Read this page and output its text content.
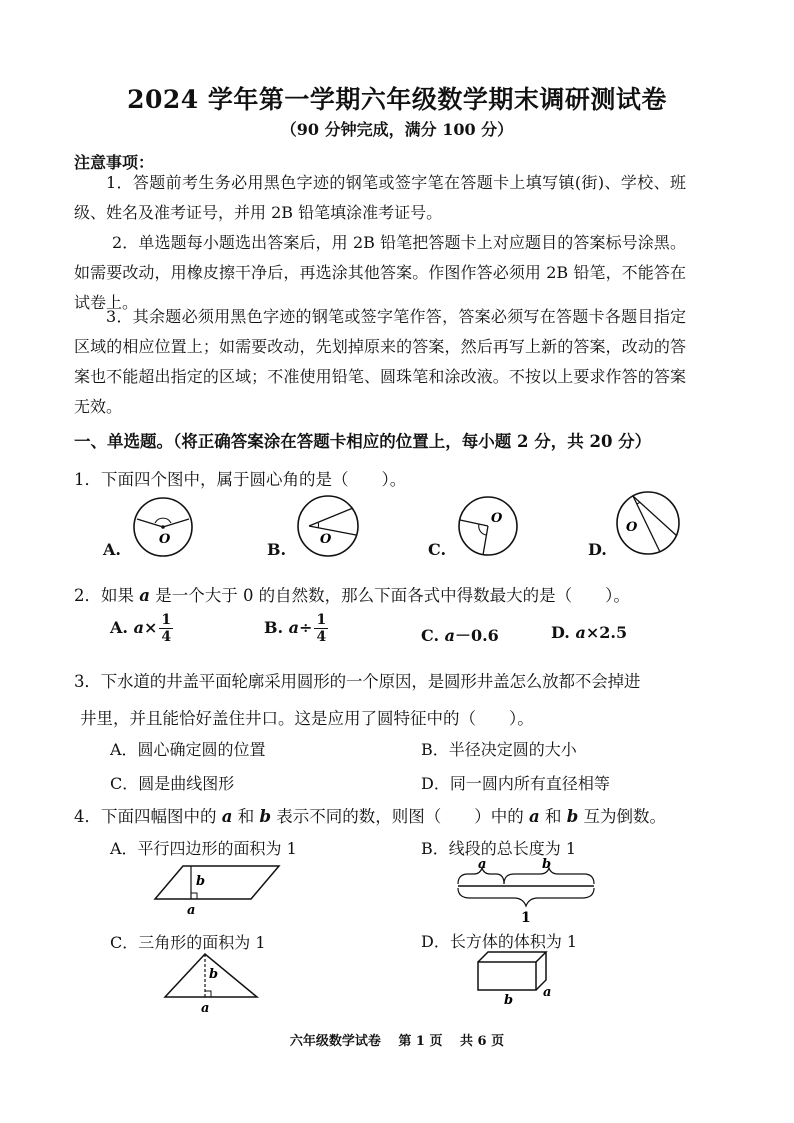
2024 学年第一学期六年级数学期末调研测试卷
（90 分钟完成，满分 100 分）
注意事项：
1．答题前考生务必用黑色字迹的钢笔或签字笔在答题卡上填写镇(街)、学校、班级、姓名及准考证号，并用 2B 铅笔填涂准考证号。
2．单选题每小题选出答案后，用 2B 铅笔把答题卡上对应题目的答案标号涂黑。如需要改动，用橡皮擦干净后，再选涂其他答案。作图作答必须用 2B 铅笔，不能答在试卷上。
3．其余题必须用黑色字迹的钢笔或签字笔作答，答案必须写在答题卡各题目指定区域的相应位置上；如需要改动，先划掉原来的答案，然后再写上新的答案，改动的答案也不能超出指定的区域；不准使用铅笔、圆珠笔和涂改液。不按以上要求作答的答案无效。
一、单选题。（将正确答案涂在答题卡相应的位置上，每小题 2 分，共 20 分）
1．下面四个图中，属于圆心角的是（　　）。
A.	B.	C.	D.
O	O
O
O
2．如果 a 是一个大于 0 的自然数，那么下面各式中得数最大的是（　　）。
A. $a\times \frac{1}{4}$	B. $a\div \frac{1}{4}$	C. a－0.6	D. a×2.5
3．下水道的井盖平面轮廓采用圆形的一个原因，是圆形井盖怎么放都不会掉进
井里，并且能恰好盖住井口。这是应用了圆特征中的（　　）。
A．圆心确定圆的位置	B．半径决定圆的大小
C．圆是曲线图形	D．同一圆内所有直径相等
4．下面四幅图中的 a 和 b 表示不同的数，则图（　　）中的 a 和 b 互为倒数。
A．平行四边形的面积为 1	B．线段的总长度为 1
C．三角形的面积为 1	D．长方体的体积为 1
b
a
a	b
1
b
a
b
a
六年级数学试卷　 第 1 页　 共 6 页
